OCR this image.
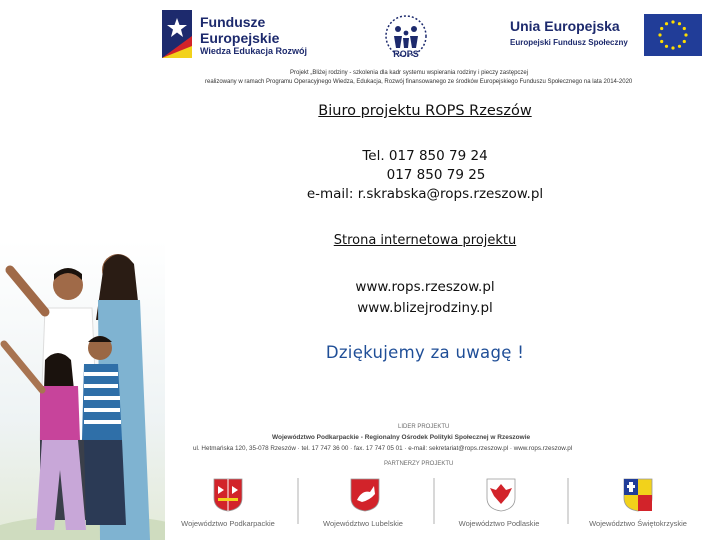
Fundusze
Europejskie
Wiedza Edukacja Rozwój	ROPS
Unia Europejska
Europejski Fundusz Społeczny
Projekt „Bliżej rodziny - szkolenia dla kadr systemu wspierania rodziny i pieczy zastępczej
realizowany w ramach Programu Operacyjnego Wiedza, Edukacja, Rozwój finansowanego ze środków Europejskiego Funduszu Społecznego na lata 2014-2020
Biuro projektu ROPS Rzeszów
Tel. 017 850 79 24
017 850 79 25
e-mail: r.skrabska@rops.rzeszow.pl
Strona internetowa projektu
www.rops.rzeszow.pl
www.blizejrodziny.pl
Dziękujemy za uwagę !
LIDER PROJEKTU
Województwo Podkarpackie - Regionalny Ośrodek Polityki Społecznej w Rzeszowie
ul. Hetmańska 120, 35-078 Rzeszów · tel. 17 747 36 00 · fax. 17 747 05 01 · e-mail: sekretariat@rops.rzeszow.pl · www.rops.rzeszow.pl
PARTNERZY PROJEKTU
Województwo Podkarpackie	Województwo Lubelskie	Województwo Podlaskie	Województwo Świętokrzyskie
